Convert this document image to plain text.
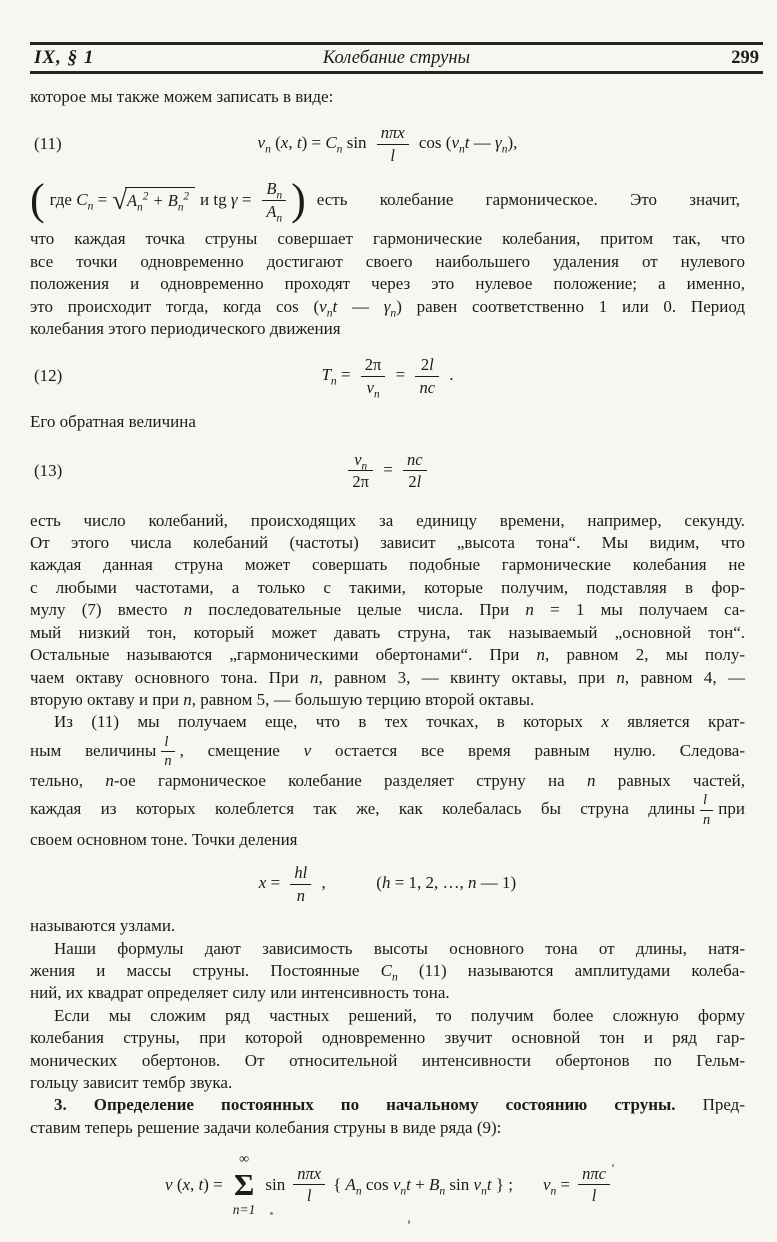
IX, § 1	Колебание струны	299
которое мы также можем записать в виде:
(11)	$v_n$ (x, $t) = C_n$ $\sin \frac{\text{nπx}}{l}$ $\cos (\nu_nt$ — $\gamma_n$),
( где $C_n$ = √ $A_n^2 + B_n^2$ и tg $\gamma = \frac{B_n}{A_n}$ ) есть колебание гармоническое. Это значит,
что каждая точка струны совершает гармонические колебания, притом так, что
все точки одновременно достигают своего наибольшего удаления от нулевого
положения и одновременно проходят через это нулевое положение; а именно,
это происходит тогда, когда $\cos (\nu_nt$ — $\gamma_n$) равен соответственно 1 или 0. Период
колебания этого периодического движения
(12)	$T_n = \frac{2\pi}{\nu_n} = \frac{2l}{nc}$ .
Его обратная величина
(13)	$\frac{\nu_n}{2\pi} = \frac{nc}{2l}$
есть число колебаний, происходящих за единицу времени, например, секунду.
От этого числа колебаний (частоты) зависит „высота тона“. Мы видим, что
каждая данная струна может совершать подобные гармонические колебания не
с любыми частотами, а только с такими, которые получим, подставляя в фор-
мулу (7) вместо n последовательные целые числа. При n = 1 мы получаем са-
мый низкий тон, который может давать струна, так называемый „основной тон“.
Остальные называются „гармоническими обертонами“. При n, равном 2, мы полу-
чаем октаву основного тона. При n, равном 3, — квинту октавы, при n, равном 4, —
вторую октаву и при n, равном 5, — большую терцию второй октавы.
Из (11) мы получаем еще, что в тех точках, в которых x является крат-
ным величины $\frac{l}{n}$ , смещение v остается все время равным нулю. Следова-
тельно, n-ое гармоническое колебание разделяет струну на n равных частей,
каждая из которых колеблется так же, как колебалась бы струна длины $\frac{l}{n}$ при
своем основном тоне. Точки деления
$x = \frac{hl}{n}$ ,	(h = 1, 2, …, n — 1)
называются узлами.
Наши формулы дают зависимость высоты основного тона от длины, натя-
жения и массы струны. Постоянные $C_n$ (11) называются амплитудами колеба-
ний, их квадрат определяет силу или интенсивность тона.
Если мы сложим ряд частных решений, то получим более сложную форму
колебания струны, при которой одновременно звучит основной тон и ряд гар-
монических обертонов. От относительной интенсивности обертонов по Гельм-
гольцу зависит тембр звука.
3. Определение постоянных по начальному состоянию струны. Пред-
ставим теперь решение задачи колебания струны в виде ряда (9):
v (x, t) =
∞
Σ
n=1
$\sin \frac{\text{nπx}}{l}$ { $A_n$ $\cos \nu_nt + B_n$ $\sin \nu_nt$ } ; $\nu_n = \frac{\text{nπc}}{l}$
